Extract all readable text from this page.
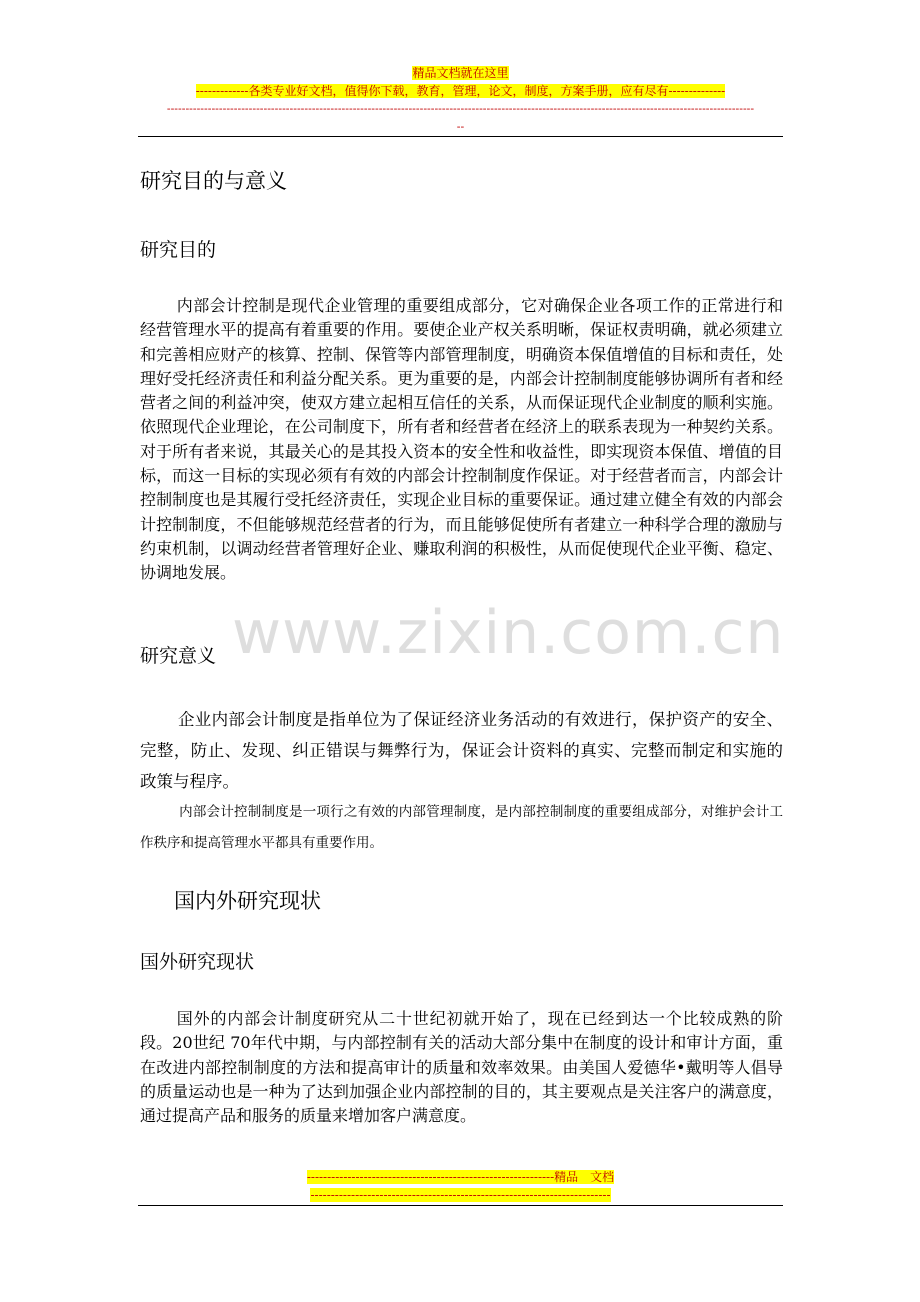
精品文档就在这里
-------------各类专业好文档，值得你下载，教育，管理，论文，制度，方案手册，应有尽有--------------
--------------------------------------------------------------------------------------------------------------------------------------------------------------
--
研究目的与意义
研究目的

内部会计控制是现代企业管理的重要组成部分，它对确保企业各项工作的正常进行和经营管理水平的提高有着重要的作用。要使企业产权关系明晰，保证权责明确，就必须建立和完善相应财产的核算、控制、保管等内部管理制度，明确资本保值增值的目标和责任，处理好受托经济责任和利益分配关系。更为重要的是，内部会计控制制度能够协调所有者和经营者之间的利益冲突，使双方建立起相互信任的关系，从而保证现代企业制度的顺利实施。依照现代企业理论，在公司制度下，所有者和经营者在经济上的联系表现为一种契约关系。对于所有者来说，其最关心的是其投入资本的安全性和收益性，即实现资本保值、增值的目标，而这一目标的实现必须有有效的内部会计控制制度作保证。对于经营者而言，内部会计控制制度也是其履行受托经济责任，实现企业目标的重要保证。通过建立健全有效的内部会计控制制度，不但能够规范经营者的行为，而且能够促使所有者建立一种科学合理的激励与约束机制，以调动经营者管理好企业、赚取利润的积极性，从而促使现代企业平衡、稳定、协调地发展。

www.zixin.com.cn
研究意义

企业内部会计制度是指单位为了保证经济业务活动的有效进行，保护资产的安全、完整，防止、发现、纠正错误与舞弊行为，保证会计资料的真实、完整而制定和实施的政策与程序。

内部会计控制制度是一项行之有效的内部管理制度，是内部控制制度的重要组成部分，对维护会计工作秩序和提高管理水平都具有重要作用。

国内外研究现状
国外研究现状

国外的内部会计制度研究从二十世纪初就开始了，现在已经到达一个比较成熟的阶段。20世纪 70年代中期，与内部控制有关的活动大部分集中在制度的设计和审计方面，重在改进内部控制制度的方法和提高审计的质量和效率效果。由美国人爱德华•戴明等人倡导的质量运动也是一种为了达到加强企业内部控制的目的，其主要观点是关注客户的满意度，通过提高产品和服务的质量来增加客户满意度。

-------------------------------------------------------------精品　文档
--------------------------------------------------------------------------
